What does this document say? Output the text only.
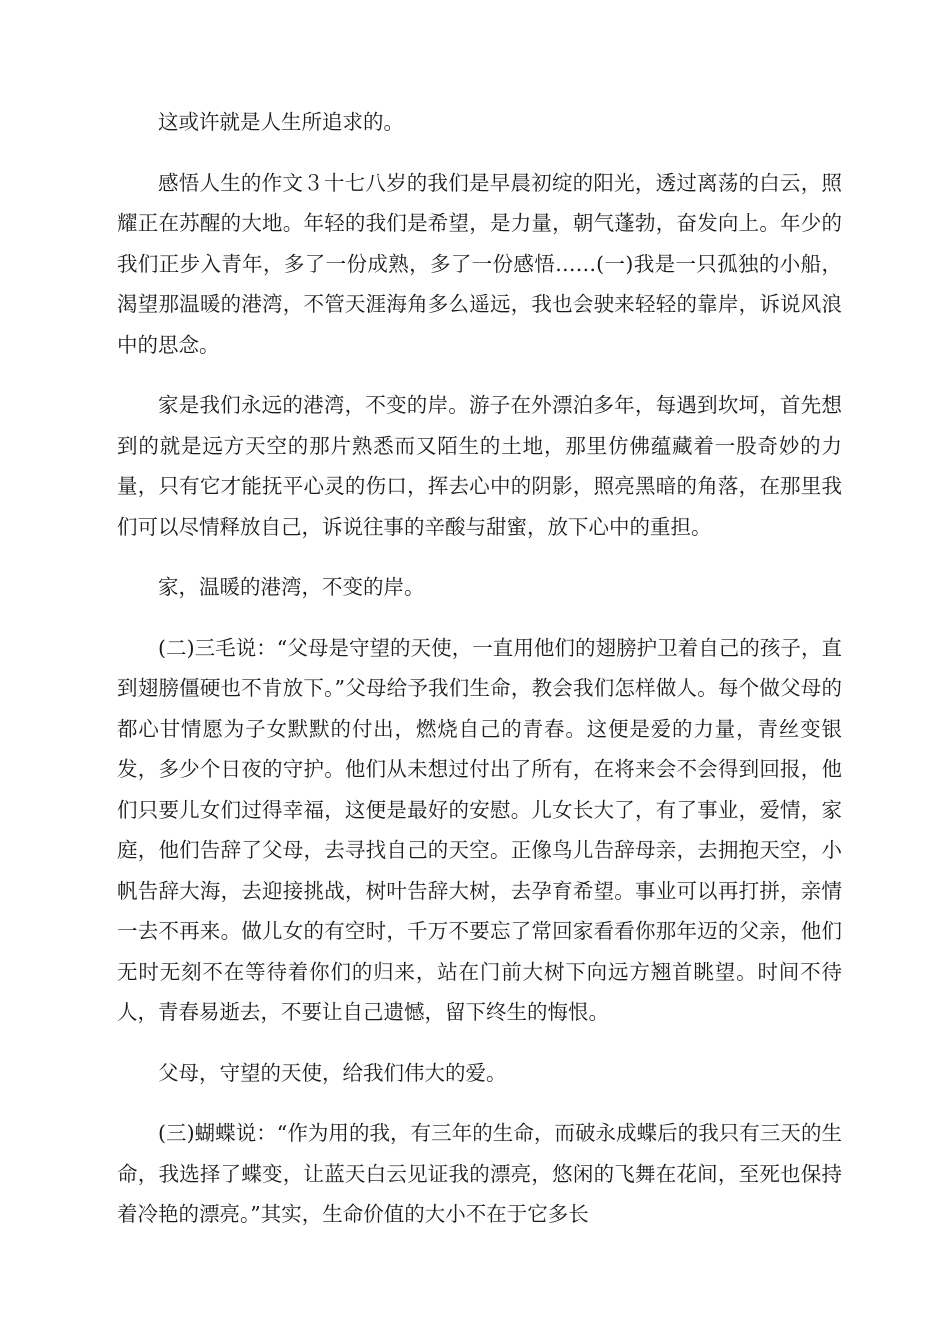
这或许就是人生所追求的。

感悟人生的作文３十七八岁的我们是早晨初绽的阳光，透过离荡的白云，照耀正在苏醒的大地。年轻的我们是希望，是力量，朝气蓬勃，奋发向上。年少的我们正步入青年，多了一份成熟，多了一份感悟……(一)我是一只孤独的小船，渴望那温暖的港湾，不管天涯海角多么遥远，我也会驶来轻轻的靠岸，诉说风浪中的思念。

家是我们永远的港湾，不变的岸。游子在外漂泊多年，每遇到坎坷，首先想到的就是远方天空的那片熟悉而又陌生的土地，那里仿佛蕴藏着一股奇妙的力量，只有它才能抚平心灵的伤口，挥去心中的阴影，照亮黑暗的角落，在那里我们可以尽情释放自己，诉说往事的辛酸与甜蜜，放下心中的重担。

家，温暖的港湾，不变的岸。

(二)三毛说：“父母是守望的天使，一直用他们的翅膀护卫着自己的孩子，直到翅膀僵硬也不肯放下。”父母给予我们生命，教会我们怎样做人。每个做父母的都心甘情愿为子女默默的付出，燃烧自己的青春。这便是爱的力量，青丝变银发，多少个日夜的守护。他们从未想过付出了所有，在将来会不会得到回报，他们只要儿女们过得幸福，这便是最好的安慰。儿女长大了，有了事业，爱情，家庭，他们告辞了父母，去寻找自己的天空。正像鸟儿告辞母亲，去拥抱天空，小帆告辞大海，去迎接挑战，树叶告辞大树，去孕育希望。事业可以再打拼，亲情一去不再来。做儿女的有空时，千万不要忘了常回家看看你那年迈的父亲，他们无时无刻不在等待着你们的归来，站在门前大树下向远方翘首眺望。时间不待人，青春易逝去，不要让自己遗憾，留下终生的悔恨。

父母，守望的天使，给我们伟大的爱。

(三)蝴蝶说：“作为用的我，有三年的生命，而破永成蝶后的我只有三天的生命，我选择了蝶变，让蓝天白云见证我的漂亮，悠闲的飞舞在花间，至死也保持着冷艳的漂亮。”其实，生命价值的大小不在于它多长
